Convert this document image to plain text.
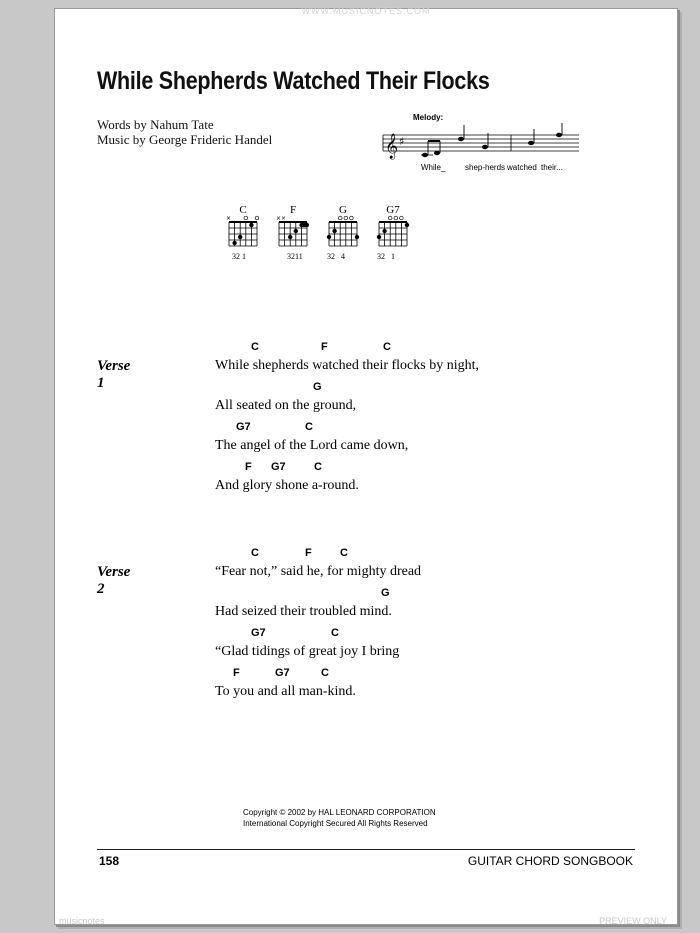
WWW.MUSICNOTES.COM
While Shepherds Watched Their Flocks
Words by Nahum Tate
Music by George Frideric Handel
Melody:
𝄞 ♯
While_ shep-herds watched their...
C
×
32 1
F
××
3211
G
32   4
G7
32   1
Verse 1
C	F	C
While shepherds watched their flocks by night,
G
All seated on the ground,
G7	C
The angel of the Lord came down,
F G7	C
And glory shone a-round.
Verse 2
C	F	C
“Fear not,” said he, for mighty dread
G
Had seized their troubled mind.
G7	C
“Glad tidings of great joy I bring
F	G7	C
To you and all man-kind.
Copyright © 2002 by HAL LEONARD CORPORATION
International Copyright Secured All Rights Reserved
158	GUITAR CHORD SONGBOOK
musicnotes	PREVIEW ONLY
